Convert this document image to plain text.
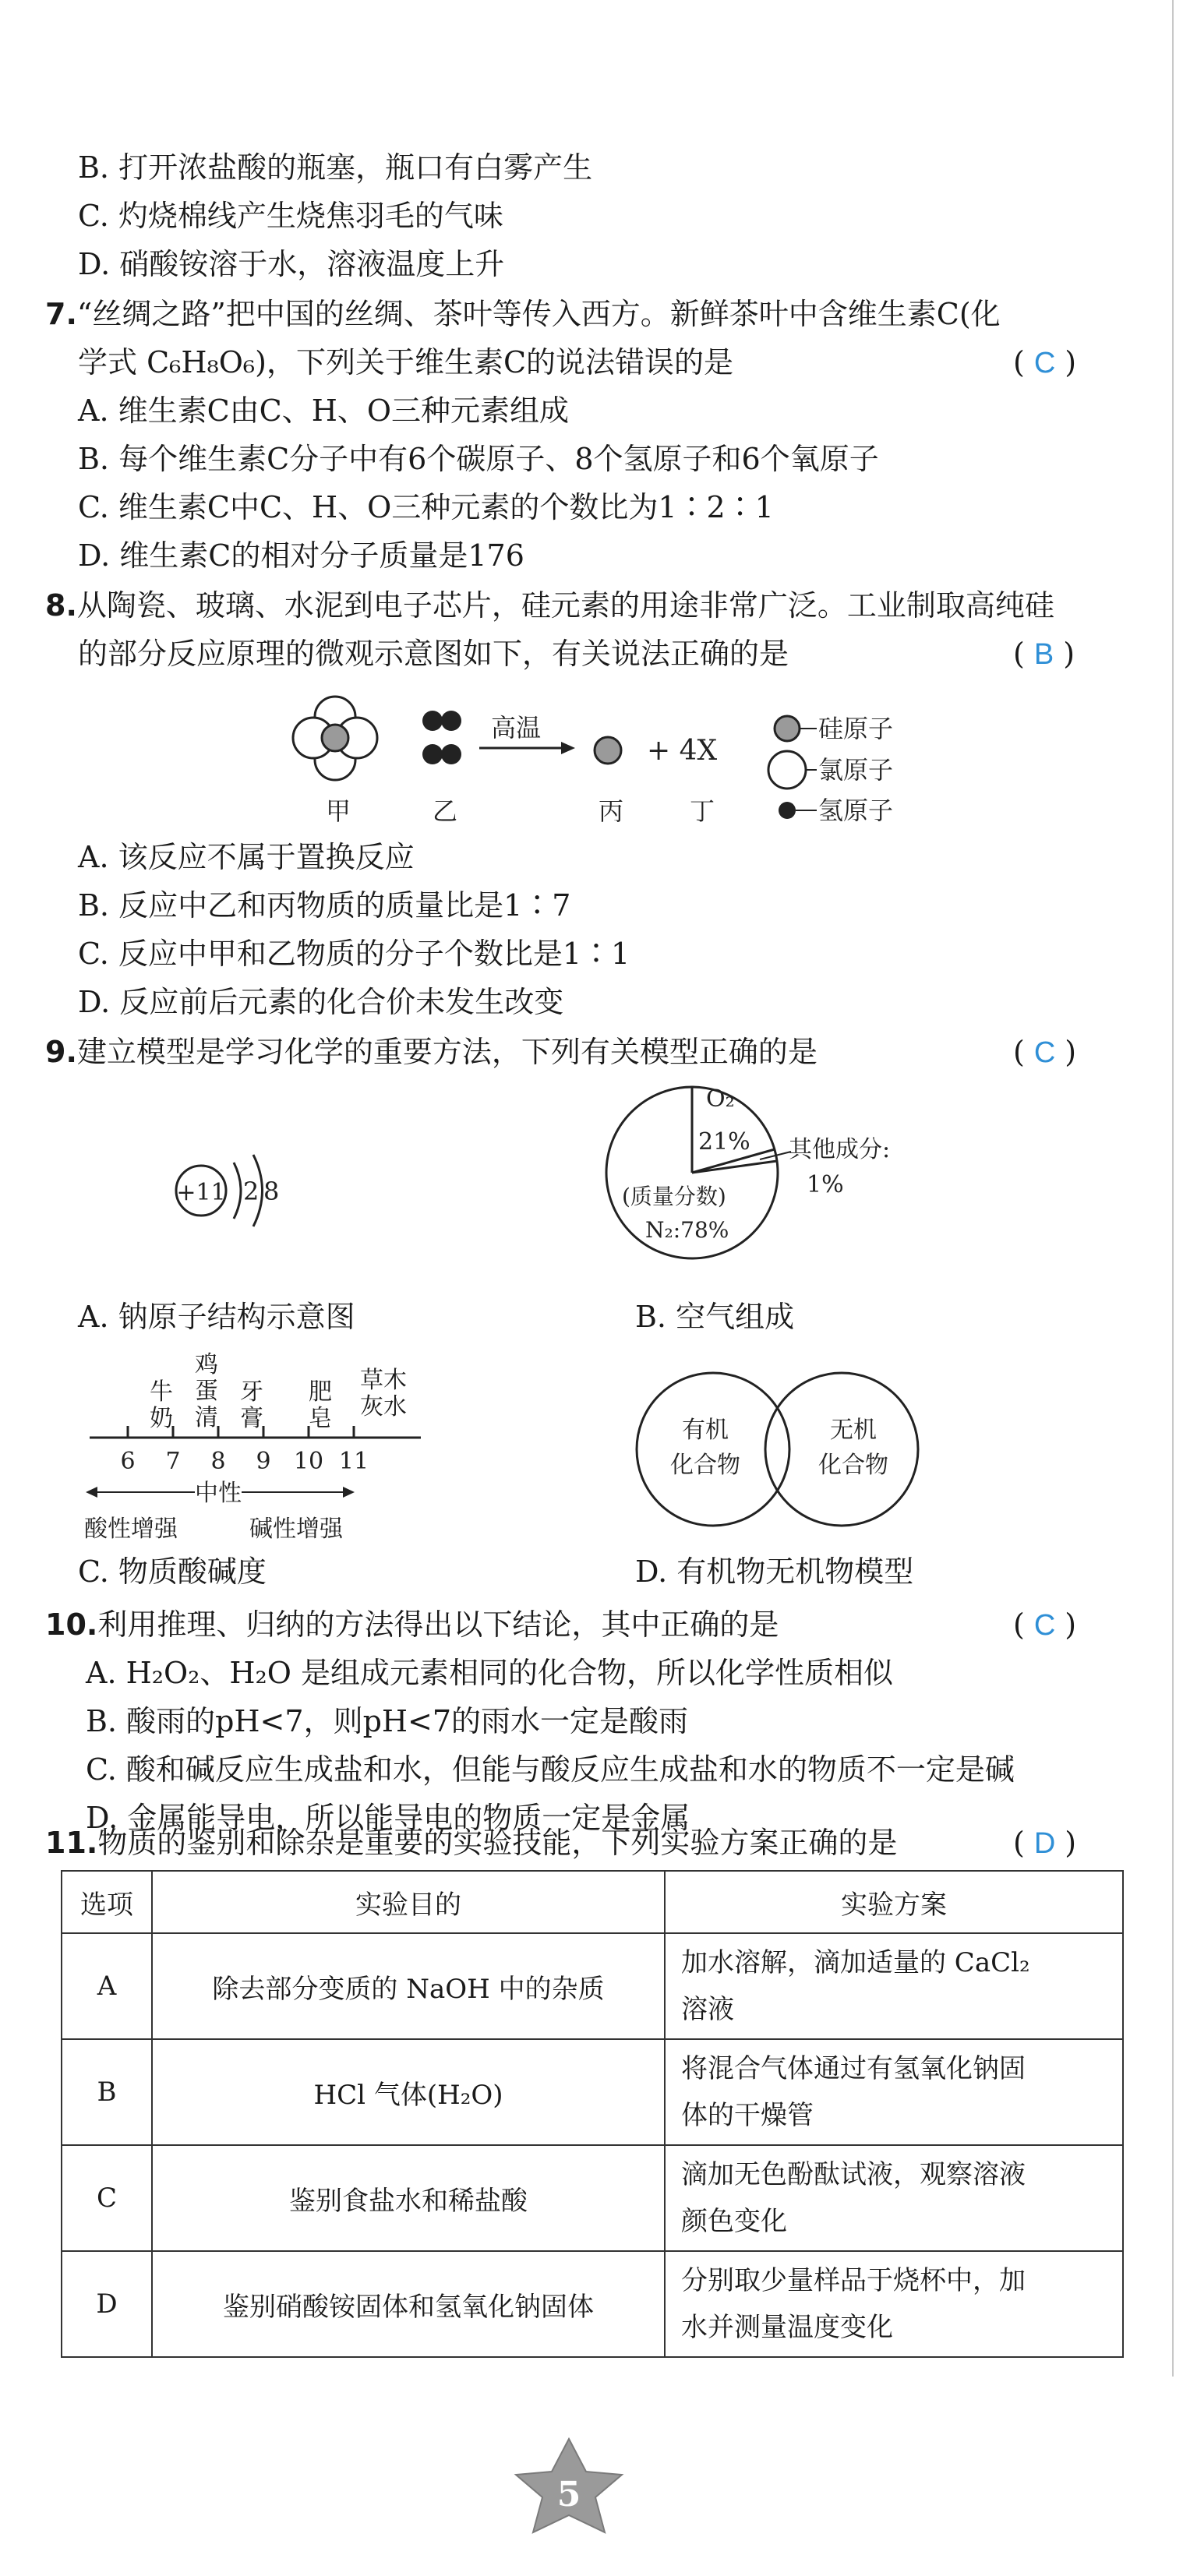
B. 打开浓盐酸的瓶塞，瓶口有白雾产生
C. 灼烧棉线产生烧焦羽毛的气味
D. 硝酸铵溶于水，溶液温度上升
7.“丝绸之路”把中国的丝绸、茶叶等传入西方。新鲜茶叶中含维生素C(化
学式 C₆H₈O₆)，下列关于维生素C的说法错误的是	( C )
A. 维生素C由C、H、O三种元素组成
B. 每个维生素C分子中有6个碳原子、8个氢原子和6个氧原子
C. 维生素C中C、H、O三种元素的个数比为1∶2∶1
D. 维生素C的相对分子质量是176
8.从陶瓷、玻璃、水泥到电子芯片，硅元素的用途非常广泛。工业制取高纯硅
的部分反应原理的微观示意图如下，有关说法正确的是	( B )
高温
+ 4X
硅原子
氯原子
氢原子
甲	乙	丙	丁
A. 该反应不属于置换反应
B. 反应中乙和丙物质的质量比是1∶7
C. 反应中甲和乙物质的分子个数比是1∶1
D. 反应前后元素的化合价未发生改变
9.建立模型是学习化学的重要方法，下列有关模型正确的是	( C )
+11 2 8
O₂
21% 其他成分:
1%
(质量分数)
N₂:78%
6 7 8 9 10 11
中性
酸性增强	碱性增强
有机
化合物
无机
化合物
牛奶
鸡蛋清
牙膏
肥皂
草木灰水
A. 钠原子结构示意图	B. 空气组成
C. 物质酸碱度	D. 有机物无机物模型
10.利用推理、归纳的方法得出以下结论，其中正确的是	( C )
A. H₂O₂、H₂O 是组成元素相同的化合物，所以化学性质相似
B. 酸雨的pH<7，则pH<7的雨水一定是酸雨
C. 酸和碱反应生成盐和水，但能与酸反应生成盐和水的物质不一定是碱
D. 金属能导电，所以能导电的物质一定是金属
11.物质的鉴别和除杂是重要的实验技能，下列实验方案正确的是	( D )
选项	实验目的	实验方案
A	除去部分变质的 NaOH 中的杂质	加水溶解，滴加适量的 CaCl₂
溶液

B	HCl 气体(H₂O)	将混合气体通过有氢氧化钠固
体的干燥管

C	鉴别食盐水和稀盐酸	滴加无色酚酞试液，观察溶液
颜色变化

D	鉴别硝酸铵固体和氢氧化钠固体	分别取少量样品于烧杯中，加
水并测量温度变化
5
